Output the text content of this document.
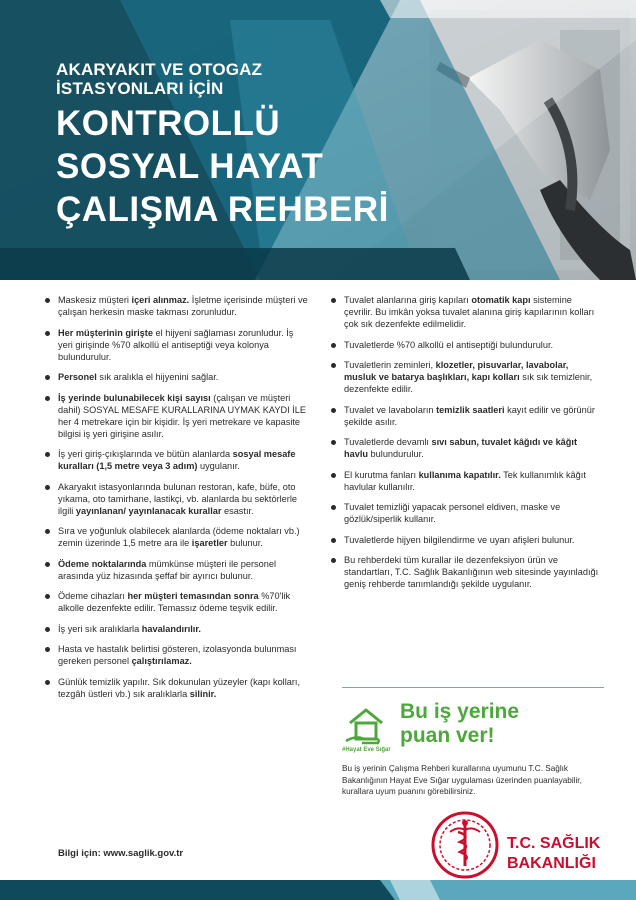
AKARYAKIT VE OTOGAZ
İSTASYONLARI İÇİN
KONTROLLÜ
SOSYAL HAYAT
ÇALIŞMA REHBERİ
Maskesiz müşteri içeri alınmaz. İşletme içerisinde müşteri ve çalışan herkesin maske takması zorunludur.
Her müşterinin girişte el hijyeni sağlaması zorunludur. İş yeri girişinde %70 alkollü el antiseptiği veya kolonya bulundurulur.
Personel sık aralıkla el hijyenini sağlar.
İş yerinde bulunabilecek kişi sayısı (çalışan ve müşteri dahil) SOSYAL MESAFE KURALLARINA UYMAK KAYDI İLE her 4 metrekare için bir kişidir. İş yeri metrekare ve kapasite bilgisi iş yeri girişine asılır.
İş yeri giriş-çıkışlarında ve bütün alanlarda sosyal mesafe kuralları (1,5 metre veya 3 adım) uygulanır.
Akaryakıt istasyonlarında bulunan restoran, kafe, büfe, oto yıkama, oto tamirhane, lastikçi, vb. alanlarda bu sektörlerle ilgili yayınlanan/ yayınlanacak kurallar esastır.
Sıra ve yoğunluk olabilecek alanlarda (ödeme noktaları vb.) zemin üzerinde 1,5 metre ara ile işaretler bulunur.
Ödeme noktalarında mümkünse müşteri ile personel arasında yüz hizasında şeffaf bir ayırıcı bulunur.
Ödeme cihazları her müşteri temasından sonra %70'lik alkolle dezenfekte edilir. Temassız ödeme teşvik edilir.
İş yeri sık aralıklarla havalandırılır.
Hasta ve hastalık belirtisi gösteren, izolasyonda bulunması gereken personel çalıştırılamaz.
Günlük temizlik yapılır. Sık dokunulan yüzeyler (kapı kolları, tezgâh üstleri vb.) sık aralıklarla silinir.
Tuvalet alanlarına giriş kapıları otomatik kapı sistemine çevrilir. Bu imkân yoksa tuvalet alanına giriş kapılarının kolları çok sık dezenfekte edilmelidir.
Tuvaletlerde %70 alkollü el antiseptiği bulundurulur.
Tuvaletlerin zeminleri, klozetler, pisuvarlar, lavabolar, musluk ve batarya başlıkları, kapı kolları sık sık temizlenir, dezenfekte edilir.
Tuvalet ve lavaboların temizlik saatleri kayıt edilir ve görünür şekilde asılır.
Tuvaletlerde devamlı sıvı sabun, tuvalet kâğıdı ve kâğıt havlu bulundurulur.
El kurutma fanları kullanıma kapatılır. Tek kullanımlık kâğıt havlular kullanılır.
Tuvalet temizliği yapacak personel eldiven, maske ve gözlük/siperlik kullanır.
Tuvaletlerde hijyen bilgilendirme ve uyarı afişleri bulunur.
Bu rehberdeki tüm kurallar ile dezenfeksiyon ürün ve standartları, T.C. Sağlık Bakanlığının web sitesinde yayınladığı geniş rehberde tanımlandığı şekilde uygulanır.
Bilgi için: www.saglik.gov.tr
#Hayat Eve Sığar
Bu iş yerine
puan ver!
Bu iş yerinin Çalışma Rehberi kurallarına uyumunu T.C. Sağlık Bakanlığının Hayat Eve Sığar uygulaması üzerinden puanlayabilir, kurallara uyum puanını görebilirsiniz.
T.C. SAĞLIK
BAKANLIĞI
